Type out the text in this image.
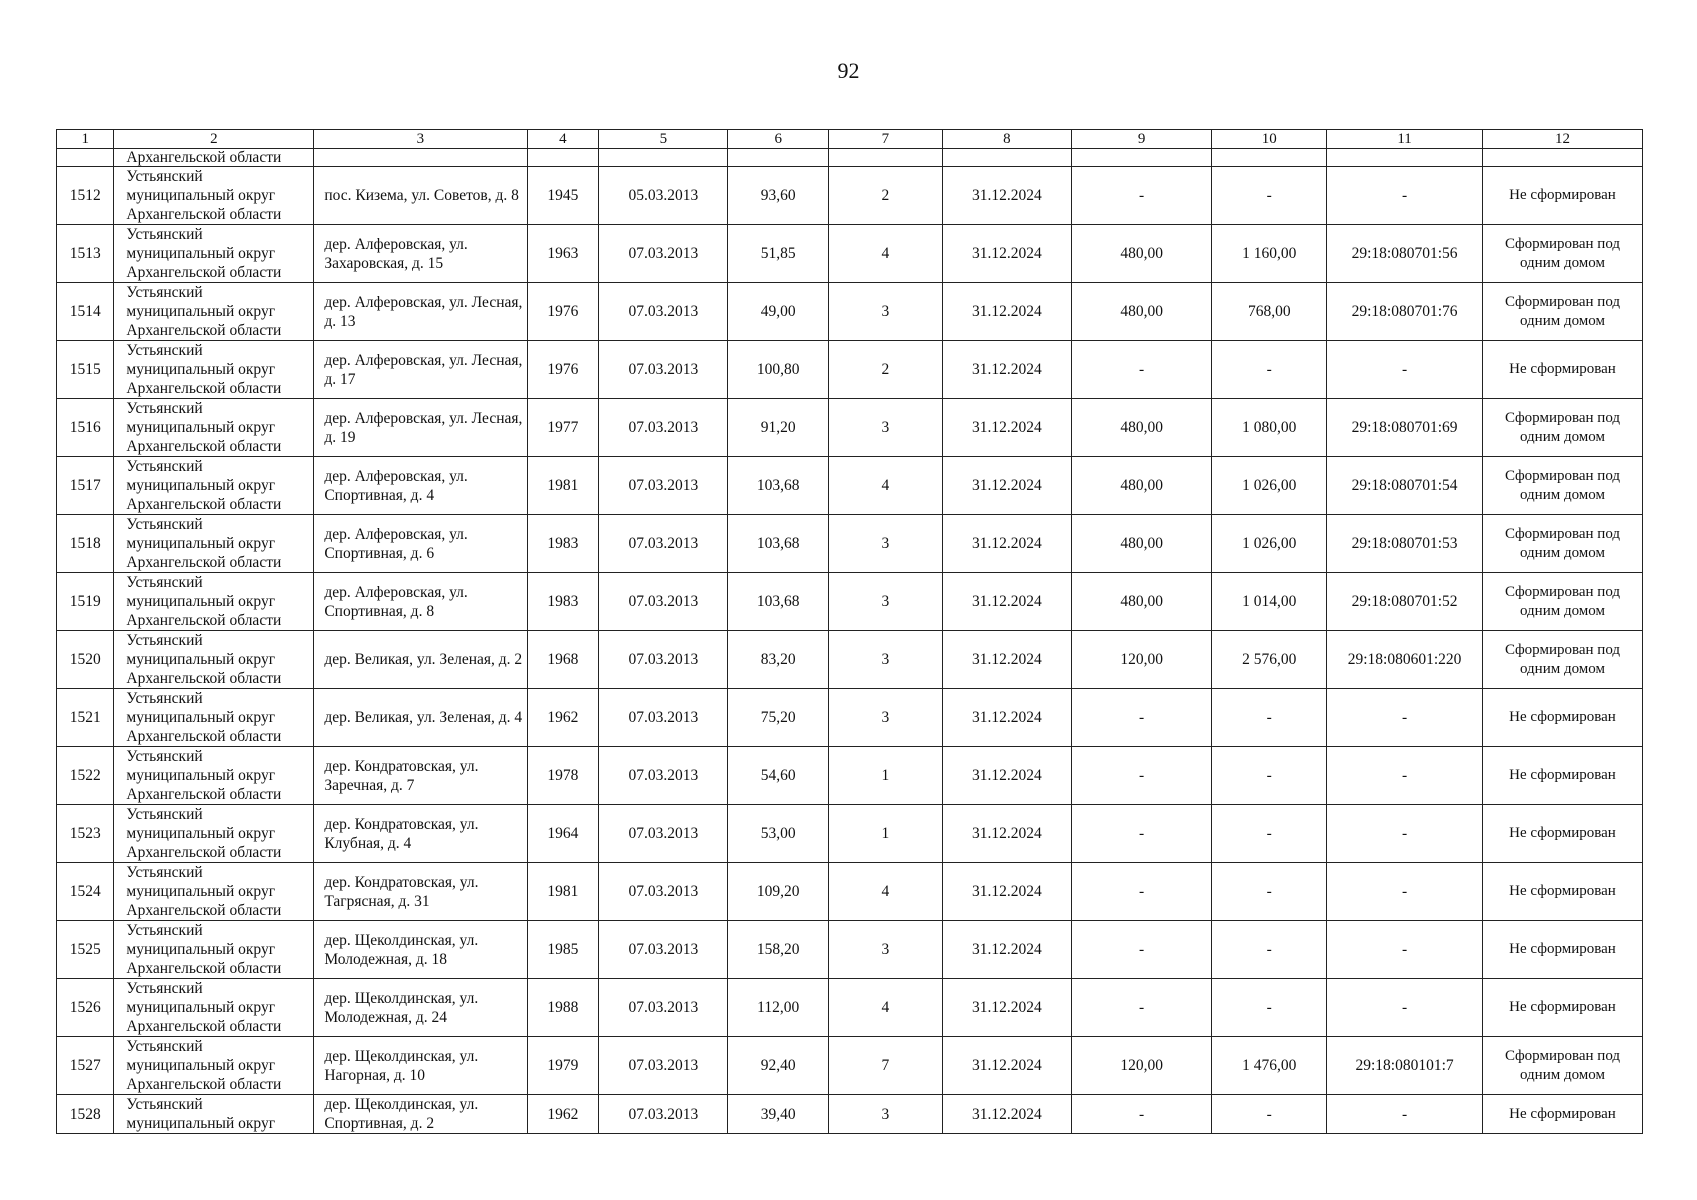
92
1	2	3	4	5	6	7	8	9	10	11	12
	Архангельской области										
1512	Устьянский муниципальный округ Архангельской области	пос. Кизема, ул. Советов, д. 8	1945	05.03.2013	93,60	2	31.12.2024	-	-	-	Не сформирован
1513	Устьянский муниципальный округ Архангельской области	дер. Алферовская, ул. Захаровская, д. 15	1963	07.03.2013	51,85	4	31.12.2024	480,00	1 160,00	29:18:080701:56	Сформирован под одним домом
1514	Устьянский муниципальный округ Архангельской области	дер. Алферовская, ул. Лесная, д. 13	1976	07.03.2013	49,00	3	31.12.2024	480,00	768,00	29:18:080701:76	Сформирован под одним домом
1515	Устьянский муниципальный округ Архангельской области	дер. Алферовская, ул. Лесная, д. 17	1976	07.03.2013	100,80	2	31.12.2024	-	-	-	Не сформирован
1516	Устьянский муниципальный округ Архангельской области	дер. Алферовская, ул. Лесная, д. 19	1977	07.03.2013	91,20	3	31.12.2024	480,00	1 080,00	29:18:080701:69	Сформирован под одним домом
1517	Устьянский муниципальный округ Архангельской области	дер. Алферовская, ул. Спортивная, д. 4	1981	07.03.2013	103,68	4	31.12.2024	480,00	1 026,00	29:18:080701:54	Сформирован под одним домом
1518	Устьянский муниципальный округ Архангельской области	дер. Алферовская, ул. Спортивная, д. 6	1983	07.03.2013	103,68	3	31.12.2024	480,00	1 026,00	29:18:080701:53	Сформирован под одним домом
1519	Устьянский муниципальный округ Архангельской области	дер. Алферовская, ул. Спортивная, д. 8	1983	07.03.2013	103,68	3	31.12.2024	480,00	1 014,00	29:18:080701:52	Сформирован под одним домом
1520	Устьянский муниципальный округ Архангельской области	дер. Великая, ул. Зеленая, д. 2	1968	07.03.2013	83,20	3	31.12.2024	120,00	2 576,00	29:18:080601:220	Сформирован под одним домом
1521	Устьянский муниципальный округ Архангельской области	дер. Великая, ул. Зеленая, д. 4	1962	07.03.2013	75,20	3	31.12.2024	-	-	-	Не сформирован
1522	Устьянский муниципальный округ Архангельской области	дер. Кондратовская, ул. Заречная, д. 7	1978	07.03.2013	54,60	1	31.12.2024	-	-	-	Не сформирован
1523	Устьянский муниципальный округ Архангельской области	дер. Кондратовская, ул. Клубная, д. 4	1964	07.03.2013	53,00	1	31.12.2024	-	-	-	Не сформирован
1524	Устьянский муниципальный округ Архангельской области	дер. Кондратовская, ул. Тагрясная, д. 31	1981	07.03.2013	109,20	4	31.12.2024	-	-	-	Не сформирован
1525	Устьянский муниципальный округ Архангельской области	дер. Щеколдинская, ул. Молодежная, д. 18	1985	07.03.2013	158,20	3	31.12.2024	-	-	-	Не сформирован
1526	Устьянский муниципальный округ Архангельской области	дер. Щеколдинская, ул. Молодежная, д. 24	1988	07.03.2013	112,00	4	31.12.2024	-	-	-	Не сформирован
1527	Устьянский муниципальный округ Архангельской области	дер. Щеколдинская, ул. Нагорная, д. 10	1979	07.03.2013	92,40	7	31.12.2024	120,00	1 476,00	29:18:080101:7	Сформирован под одним домом
1528	Устьянский муниципальный округ	дер. Щеколдинская, ул. Спортивная, д. 2	1962	07.03.2013	39,40	3	31.12.2024	-	-	-	Не сформирован
